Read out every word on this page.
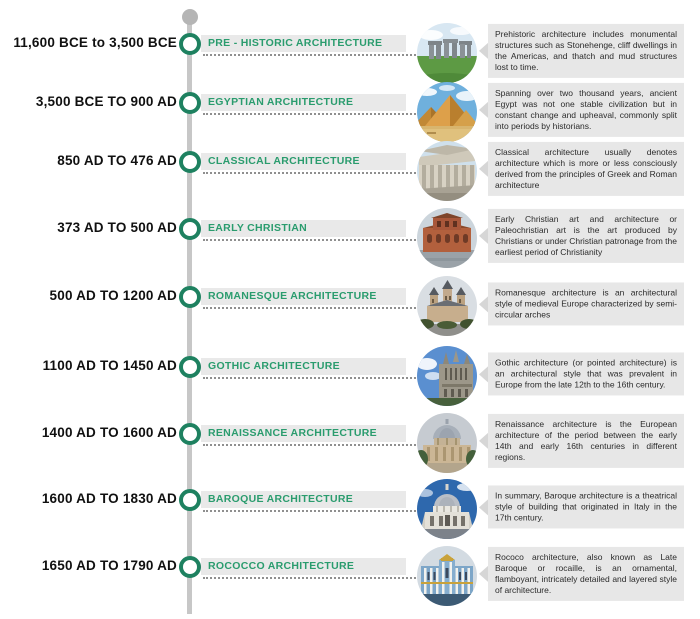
11,600 BCE to 3,500 BCE	PRE - HISTORIC ARCHITECTURE
Prehistoric architecture includes monumental structures such as Stonehenge, cliff dwellings in the Americas, and thatch and mud structures lost to time.
3,500 BCE TO 900 AD	EGYPTIAN ARCHITECTURE
Spanning over two thousand years, ancient Egypt was not one stable civilization but in constant change and upheaval, commonly split into periods by historians.
850 AD TO 476 AD	CLASSICAL ARCHITECTURE
Classical architecture usually denotes architecture which is more or less consciously derived from the principles of Greek and Roman architecture
373 AD TO 500 AD	EARLY CHRISTIAN
Early Christian art and architecture or Paleochristian art is the art produced by Christians or under Christian patronage from the earliest period of Christianity
500 AD TO 1200 AD	ROMANESQUE ARCHITECTURE	Romanesque architecture is an architectural style of medieval Europe characterized by semi-circular arches
1100 AD TO 1450 AD	GOTHIC ARCHITECTURE	Gothic architecture (or pointed architecture) is an architectural style that was prevalent in Europe from the late 12th to the 16th century.
1400 AD TO 1600 AD	RENAISSANCE ARCHITECTURE
Renaissance architecture is the European architecture of the period between the early 14th and early 16th centuries in different regions.
1600 AD TO 1830 AD	BAROQUE ARCHITECTURE	In summary, Baroque architecture is a theatrical style of building that originated in Italy in the 17th century.
1650 AD TO 1790 AD	ROCOCCO ARCHITECTURE
Rococo architecture, also known as Late Baroque or rocaille, is an ornamental, flamboyant, intricately detailed and layered style of architecture.
